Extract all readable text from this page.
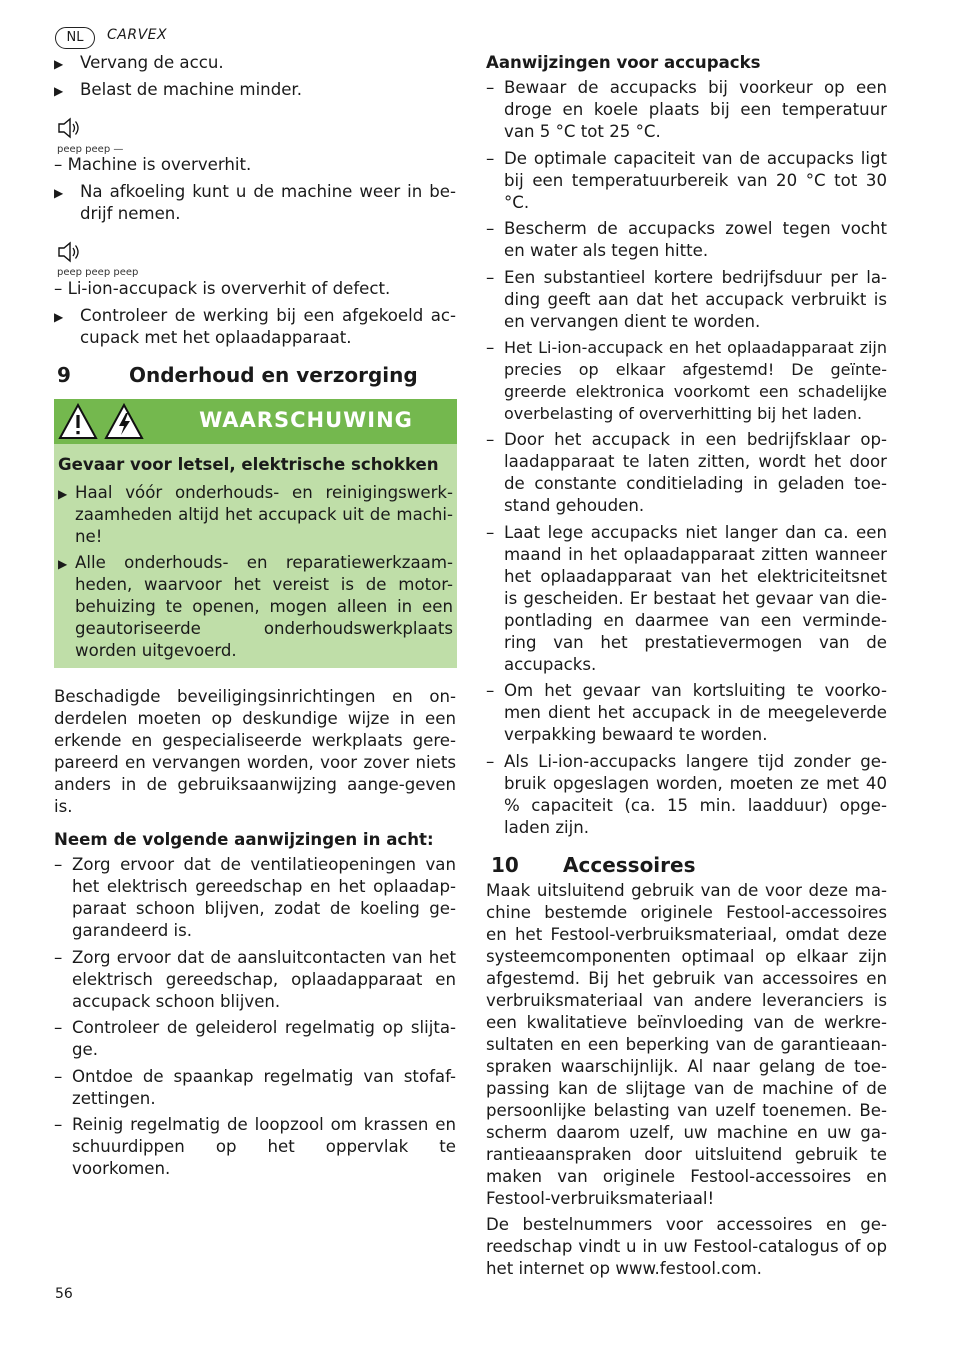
NL	CARVEX
▶	Vervang de accu.
▶	Belast de machine minder.
peep peep —
– Machine is oververhit.
▶	Na afkoeling kunt u de machine weer in be-drijf nemen.
peep peep peep
– Li-ion-accupack is oververhit of defect.
▶	Controleer de werking bij een afgekoeld ac-cupack met het oplaadapparaat.
9	Onderhoud en verzorging
WAARSCHUWING
Gevaar voor letsel, elektrische schokken
▶ Haal vóór onderhouds- en reinigingswerk-zaamheden altijd het accupack uit de machi-ne!
▶ Alle onderhouds- en reparatiewerkzaam-heden, waarvoor het vereist is de motor-behuizing te openen, mogen alleen in een geautoriseerde onderhoudswerkplaats worden uitgevoerd.
Beschadigde beveiligingsinrichtingen en on-derdelen moeten op deskundige wijze in een erkende en gespecialiseerde werkplaats gere-pareerd en vervangen worden, voor zover niets anders in de gebruiksaanwijzing aange-geven is.
Neem de volgende aanwijzingen in acht:
– Zorg ervoor dat de ventilatieopeningen van het elektrisch gereedschap en het oplaadap-paraat schoon blijven, zodat de koeling ge-garandeerd is.
– Zorg ervoor dat de aansluitcontacten van het elektrisch gereedschap, oplaadapparaat en accupack schoon blijven.
– Controleer de geleiderol regelmatig op slijta-ge.
– Ontdoe de spaankap regelmatig van stofaf-zettingen.
– Reinig regelmatig de loopzool om krassen en schuurdippen op het oppervlak te voorkomen.
Aanwijzingen voor accupacks
– Bewaar de accupacks bij voorkeur op een droge en koele plaats bij een temperatuur van 5 °C tot 25 °C.
– De optimale capaciteit van de accupacks ligt bij een temperatuurbereik van 20 °C tot 30 °C.
– Bescherm de accupacks zowel tegen vocht en water als tegen hitte.
– Een substantieel kortere bedrijfsduur per la-ding geeft aan dat het accupack verbruikt is en vervangen dient te worden.
– Het Li-ion-accupack en het oplaadapparaat zijn precies op elkaar afgestemd! De geïnte-greerde elektronica voorkomt een schadelijke overbelasting of oververhitting bij het laden.
– Door het accupack in een bedrijfsklaar op-laadapparaat te laten zitten, wordt het door de constante conditielading in geladen toe-stand gehouden.
– Laat lege accupacks niet langer dan ca. een maand in het oplaadapparaat zitten wanneer het oplaadapparaat van het elektriciteitsnet is gescheiden. Er bestaat het gevaar van die-pontlading en daarmee van een verminde-ring van het prestatievermogen van de accupacks.
– Om het gevaar van kortsluiting te voorko-men dient het accupack in de meegeleverde verpakking bewaard te worden.
– Als Li-ion-accupacks langere tijd zonder ge-bruik opgeslagen worden, moeten ze met 40 % capaciteit (ca. 15 min. laadduur) opge-laden zijn.
10 Accessoires
Maak uitsluitend gebruik van de voor deze ma-chine bestemde originele Festool-accessoires en het Festool-verbruiksmateriaal, omdat deze systeemcomponenten optimaal op elkaar zijn afgestemd. Bij het gebruik van accessoires en verbruiksmateriaal van andere leveranciers is een kwalitatieve beïnvloeding van de werkre-sultaten en een beperking van de garantieaan-spraken waarschijnlijk. Al naar gelang de toe-passing kan de slijtage van de machine of de persoonlijke belasting van uzelf toenemen. Be-scherm daarom uzelf, uw machine en uw ga-rantieaanspraken door uitsluitend gebruik te maken van originele Festool-accessoires en Festool-verbruiksmateriaal!
De bestelnummers voor accessoires en ge-reedschap vindt u in uw Festool-catalogus of op het internet op www.festool.com.
56
